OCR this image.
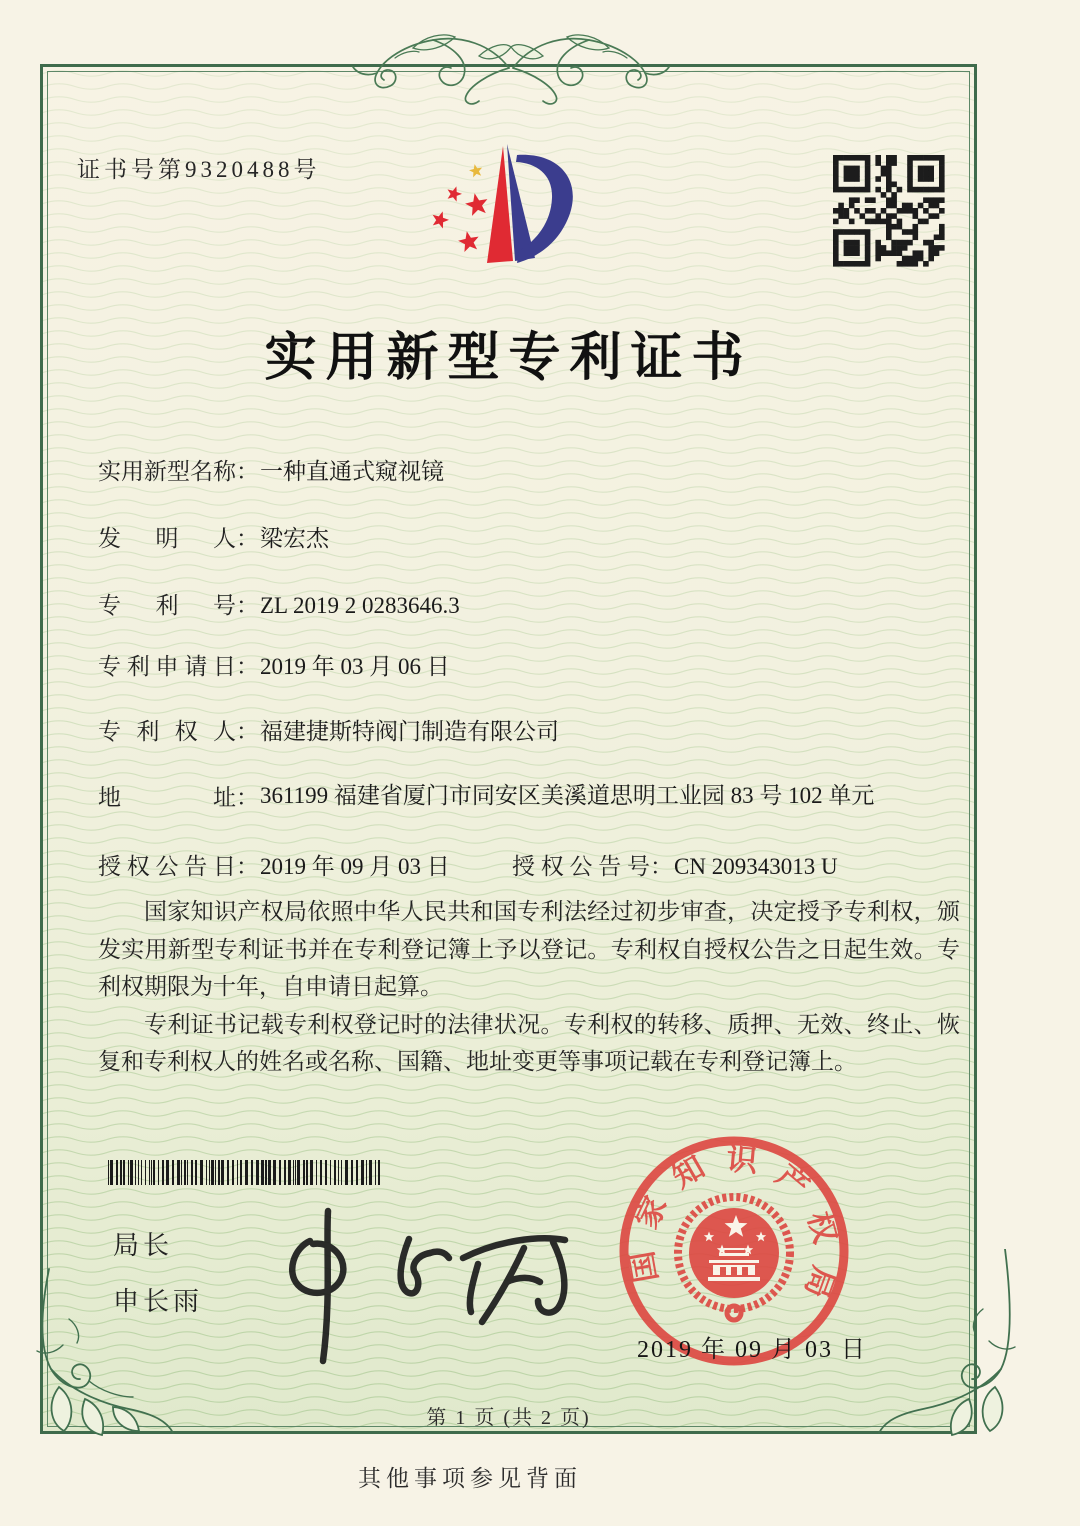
证书号第9320488号
实用新型专利证书
实用新型名称：一种直通式窥视镜
发 明 人：梁宏杰
专 利 号：ZL 2019 2 0283646.3
专利申请日：2019 年 03 月 06 日
专 利 权 人：福建捷斯特阀门制造有限公司
地 址：361199 福建省厦门市同安区美溪道思明工业园 83 号 102 单元
授权公告日：2019 年 09 月 03 日	授权公告号：CN 209343013 U

国家知识产权局依照中华人民共和国专利法经过初步审查，决定授予专利权，颁发实用新型专利证书并在专利登记簿上予以登记。专利权自授权公告之日起生效。专利权期限为十年，自申请日起算。

专利证书记载专利权登记时的法律状况。专利权的转移、质押、无效、终止、恢复和专利权人的姓名或名称、国籍、地址变更等事项记载在专利登记簿上。

局长
申长雨
国
家
知 识 产
权
局
2019 年 09 月 03 日
第 1 页 (共 2 页)
其他事项参见背面
